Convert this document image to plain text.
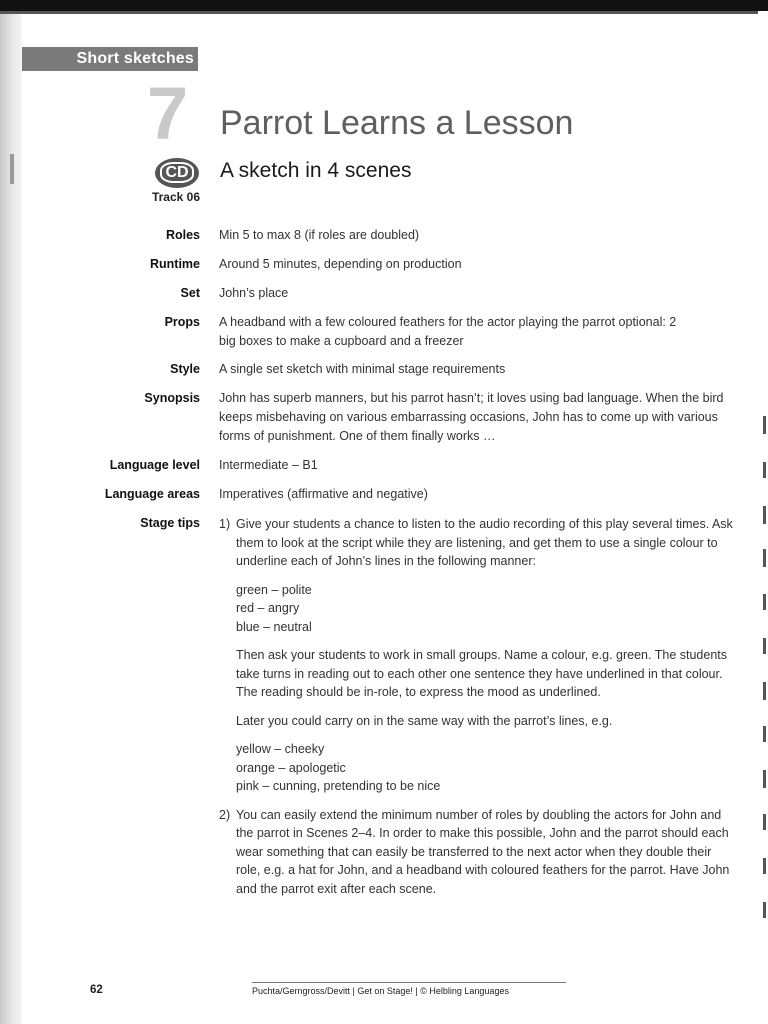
Short sketches
7 Parrot Learns a Lesson
CD	A sketch in 4 scenes
Track 06
Roles Min 5 to max 8 (if roles are doubled)
Runtime Around 5 minutes, depending on production
Set John’s place
Props A headband with a few coloured feathers for the actor playing the parrot optional: 2 big boxes to make a cupboard and a freezer
Style A single set sketch with minimal stage requirements
Synopsis John has superb manners, but his parrot hasn’t; it loves using bad language. When the bird keeps misbehaving on various embarrassing occasions, John has to come up with various forms of punishment. One of them finally works …
Language level Intermediate – B1
Language areas Imperatives (affirmative and negative)
Stage tips 1) Give your students a chance to listen to the audio recording of this play several times. Ask them to look at the script while they are listening, and get them to use a single colour to underline each of John’s lines in the following manner:

green – polite
red – angry
blue – neutral

Then ask your students to work in small groups. Name a colour, e.g. green. The students take turns in reading out to each other one sentence they have underlined in that colour. The reading should be in-role, to express the mood as underlined.

Later you could carry on in the same way with the parrot’s lines, e.g.

yellow – cheeky
orange – apologetic
pink – cunning, pretending to be nice
2) You can easily extend the minimum number of roles by doubling the actors for John and the parrot in Scenes 2–4. In order to make this possible, John and the parrot should each wear something that can easily be transferred to the next actor when they double their role, e.g. a hat for John, and a headband with coloured feathers for the parrot. Have John and the parrot exit after each scene.

62	Puchta/Gerngross/Devitt | Get on Stage! | © Helbling Languages
